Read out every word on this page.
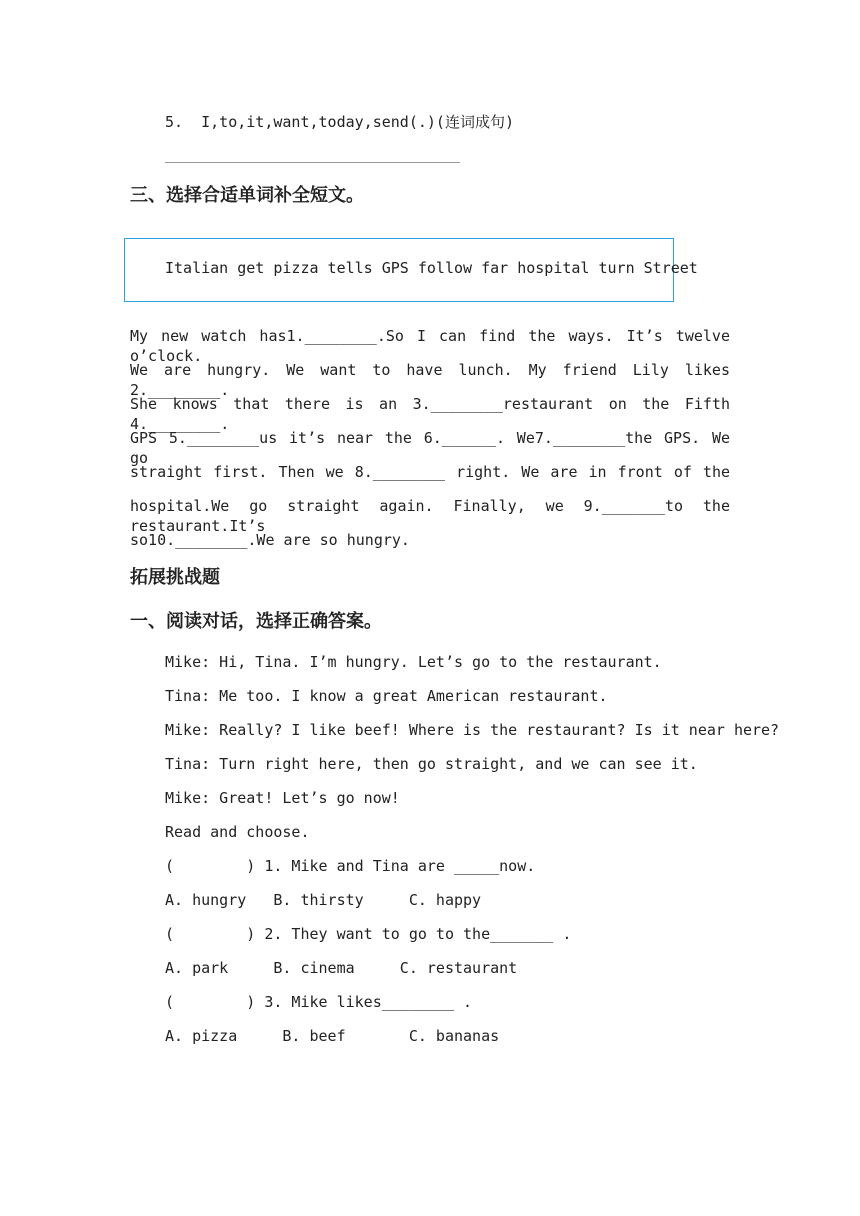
5.  I,to,it,want,today,send(.)(连词成句)
三、选择合适单词补全短文。
Italian get pizza tells GPS follow far hospital turn Street
My new watch has1.________.So I can find the ways. It’s twelve o’clock.
We are hungry. We want to have lunch. My friend Lily likes 2.________.
She knows that there is an 3.________restaurant on the Fifth 4.________.
GPS 5.________us it’s near the 6.______. We7.________the GPS. We go
straight first. Then we 8.________ right. We are in front of the
hospital.We go straight again. Finally, we 9._______to the restaurant.It’s
so10.________.We are so hungry.
拓展挑战题
一、阅读对话，选择正确答案。
Mike: Hi, Tina. I’m hungry. Let’s go to the restaurant.
Tina: Me too. I know a great American restaurant.
Mike: Really? I like beef! Where is the restaurant? Is it near here?
Tina: Turn right here, then go straight, and we can see it.
Mike: Great! Let’s go now!
Read and choose.
(        ) 1. Mike and Tina are _____now.
A. hungry   B. thirsty     C. happy
(        ) 2. They want to go to the_______ .
A. park     B. cinema     C. restaurant
(        ) 3. Mike likes________ .
A. pizza     B. beef       C. bananas
